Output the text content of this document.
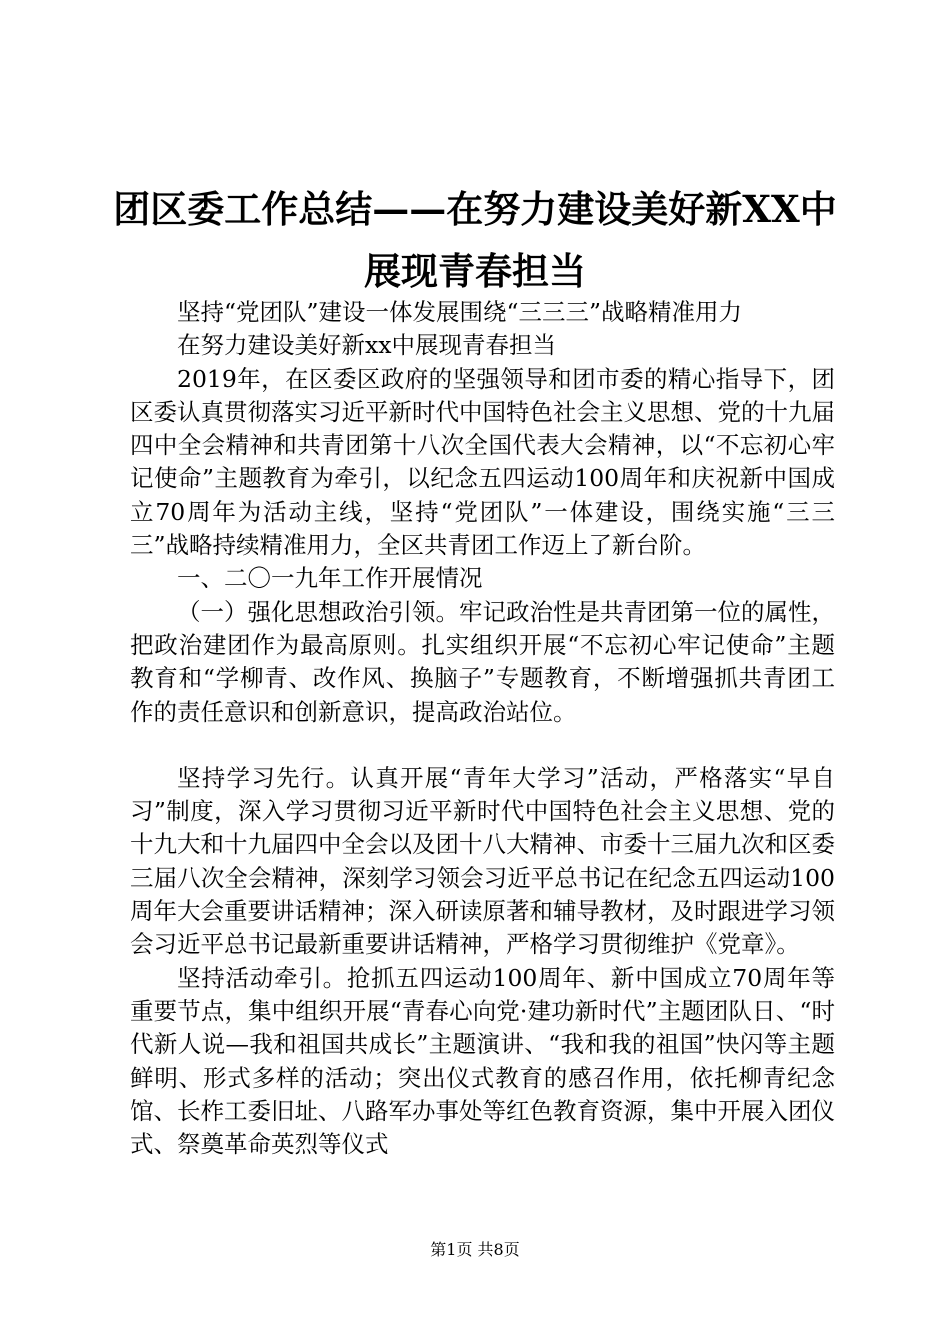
团区委工作总结——在努力建设美好新XX中
展现青春担当

坚持“党团队”建设一体发展围绕“三三三”战略精准用力

在努力建设美好新xx中展现青春担当

2019年，在区委区政府的坚强领导和团市委的精心指导下，团区委认真贯彻落实习近平新时代中国特色社会主义思想、党的十九届四中全会精神和共青团第十八次全国代表大会精神，以“不忘初心牢记使命”主题教育为牵引，以纪念五四运动100周年和庆祝新中国成立70周年为活动主线，坚持“党团队”一体建设，围绕实施“三三三”战略持续精准用力，全区共青团工作迈上了新台阶。

一、二〇一九年工作开展情况

（一）强化思想政治引领。牢记政治性是共青团第一位的属性，把政治建团作为最高原则。扎实组织开展“不忘初心牢记使命”主题教育和“学柳青、改作风、换脑子”专题教育，不断增强抓共青团工作的责任意识和创新意识，提高政治站位。

坚持学习先行。认真开展“青年大学习”活动，严格落实“早自习”制度，深入学习贯彻习近平新时代中国特色社会主义思想、党的十九大和十九届四中全会以及团十八大精神、市委十三届九次和区委三届八次全会精神，深刻学习领会习近平总书记在纪念五四运动100周年大会重要讲话精神；深入研读原著和辅导教材，及时跟进学习领会习近平总书记最新重要讲话精神，严格学习贯彻维护《党章》。

坚持活动牵引。抢抓五四运动100周年、新中国成立70周年等重要节点，集中组织开展“青春心向党·建功新时代”主题团队日、“时代新人说—我和祖国共成长”主题演讲、“我和我的祖国”快闪等主题鲜明、形式多样的活动；突出仪式教育的感召作用，依托柳青纪念馆、长柞工委旧址、八路军办事处等红色教育资源，集中开展入团仪式、祭奠革命英烈等仪式

第1页 共8页
